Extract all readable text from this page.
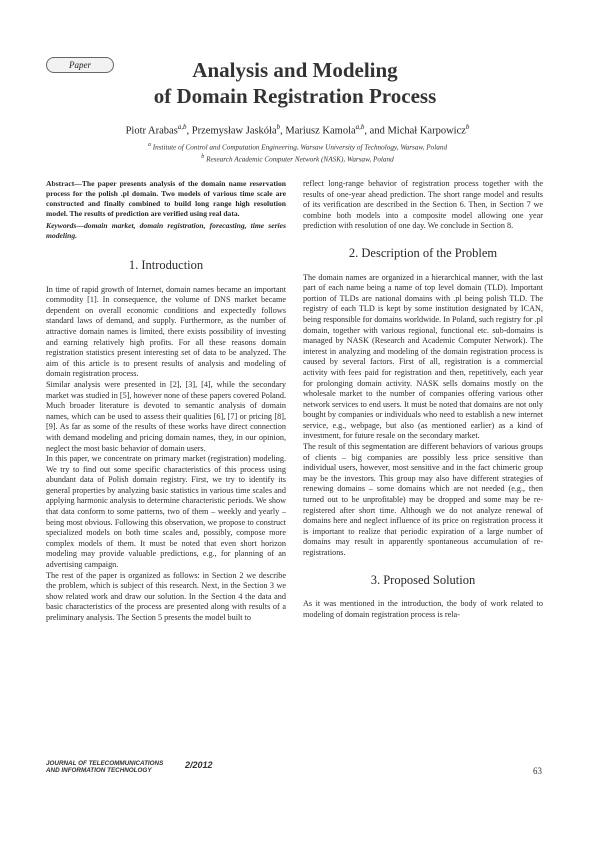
Paper	Analysis and Modeling
of Domain Registration Process
Piotr Arabas$^{a,b}$, Przemysław Jaskóła$^b$, Mariusz Kamola$^{a,b}$, and Michał Karpowicz$^b$
$^a$ Institute of Control and Computation Engineering, Warsaw University of Technology, Warsaw, Poland
$^b$ Research Academic Computer Network (NASK), Warsaw, Poland

Abstract—The paper presents analysis of the domain name reservation process for the polish .pl domain. Two models of various time scale are constructed and finally combined to build long range high resolution model. The results of prediction are verified using real data.

Keywords—domain market, domain registration, forecasting, time series modeling.

1. Introduction

In time of rapid growth of Internet, domain names became an important commodity [1]. In consequence, the volume of DNS market became dependent on overall economic conditions and expectedly follows standard laws of demand, and supply. Furthermore, as the number of attractive domain names is limited, there exists possibility of investing and earning relatively high profits. For all these reasons domain registration statistics present interesting set of data to be analyzed. The aim of this article is to present results of analysis and modeling of domain registration process.

Similar analysis were presented in [2], [3], [4], while the secondary market was studied in [5], however none of these papers covered Poland. Much broader literature is devoted to semantic analysis of domain names, which can be used to assess their qualities [6], [7] or pricing [8], [9]. As far as some of the results of these works have direct connection with demand modeling and pricing domain names, they, in our opinion, neglect the most basic behavior of domain users.

In this paper, we concentrate on primary market (registration) modeling. We try to find out some specific characteristics of this process using abundant data of Polish domain registry. First, we try to identify its general properties by analyzing basic statistics in various time scales and applying harmonic analysis to determine characteristic periods. We show that data conform to some patterns, two of them – weekly and yearly – being most obvious. Following this observation, we propose to construct specialized models on both time scales and, possibly, compose more complex models of them. It must be noted that even short horizon modeling may provide valuable predictions, e.g., for planning of an advertising campaign.

The rest of the paper is organized as follows: in Section 2 we describe the problem, which is subject of this research. Next, in the Section 3 we show related work and draw our solution. In the Section 4 the data and basic characteristics of the process are presented along with results of a preliminary analysis. The Section 5 presents the model built to

reflect long-range behavior of registration process together with the results of one-year ahead prediction. The short range model and results of its verification are described in the Section 6. Then, in Section 7 we combine both models into a composite model allowing one year prediction with resolution of one day. We conclude in Section 8.

2. Description of the Problem

The domain names are organized in a hierarchical manner, with the last part of each name being a name of top level domain (TLD). Important portion of TLDs are national domains with .pl being polish TLD. The registry of each TLD is kept by some institution designated by ICAN, being responsible for domains worldwide. In Poland, such registry for .pl domain, together with various regional, functional etc. sub-domains is managed by NASK (Research and Academic Computer Network). The interest in analyzing and modeling of the domain registration process is caused by several factors. First of all, registration is a commercial activity with fees paid for registration and then, repetitively, each year for prolonging domain activity. NASK sells domains mostly on the wholesale market to the number of companies offering various other network services to end users. It must be noted that domains are not only bought by companies or individuals who need to establish a new internet service, e.g., webpage, but also (as mentioned earlier) as a kind of investment, for future resale on the secondary market.

The result of this segmentation are different behaviors of various groups of clients – big companies are possibly less price sensitive than individual users, however, most sensitive and in the fact chimeric group may be the investors. This group may also have different strategies of renewing domains – some domains which are not needed (e.g., then turned out to be unprofitable) may be dropped and some may be re-registered after short time. Although we do not analyze renewal of domains here and neglect influence of its price on registration process it is important to realize that periodic expiration of a large number of domains may result in apparently spontaneous accumulation of re-registrations.

3. Proposed Solution

As it was mentioned in the introduction, the body of work related to modeling of domain registration process is rela-

JOURNAL OF TELECOMMUNICATIONS
AND INFORMATION TECHNOLOGY
2/2012
63
